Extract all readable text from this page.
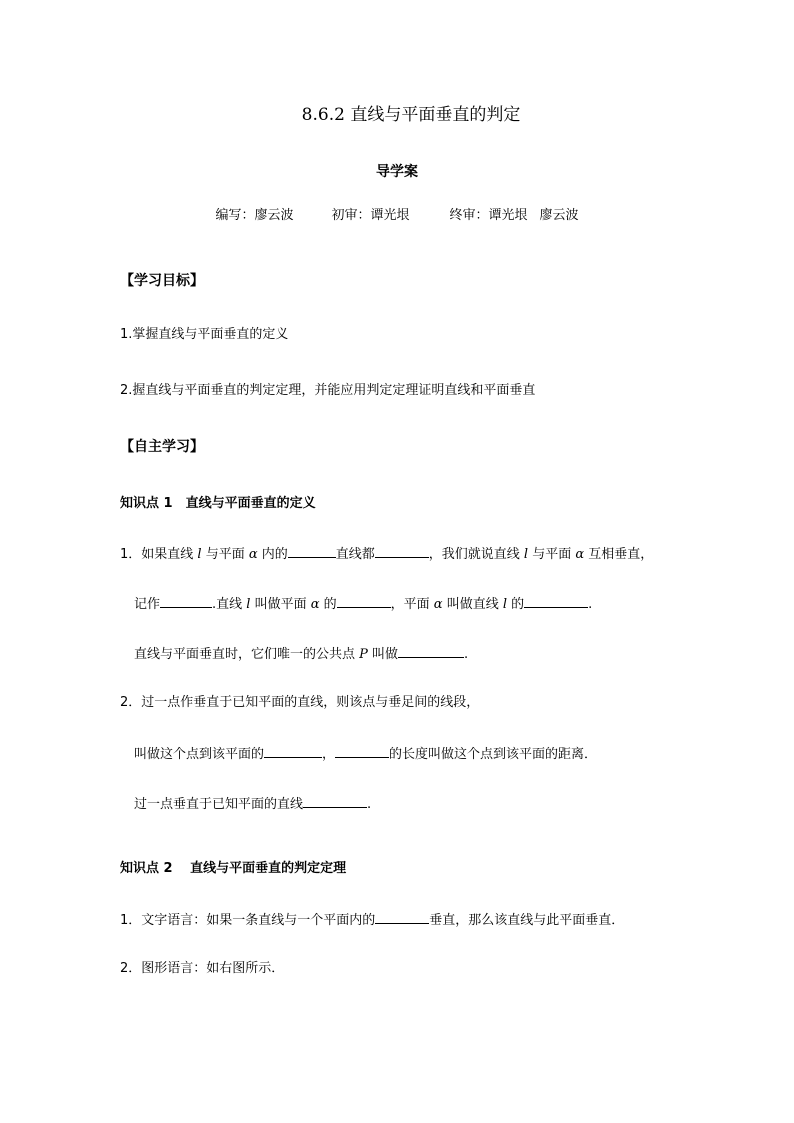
8.6.2 直线与平面垂直的判定
导学案
编写：廖云波	初审：谭光垠	终审：谭光垠 廖云波
【学习目标】
1.掌握直线与平面垂直的定义
2.握直线与平面垂直的判定定理，并能应用判定定理证明直线和平面垂直
【自主学习】
知识点 1　直线与平面垂直的定义
1．如果直线 l 与平面 α 内的	直线都	，我们就说直线 l 与平面 α 互相垂直，
记作	.直线 l 叫做平面 α 的	，平面 α 叫做直线 l 的	.
直线与平面垂直时，它们唯一的公共点 P 叫做	.
2．过一点作垂直于已知平面的直线，则该点与垂足间的线段，
叫做这个点到该平面的	，	的长度叫做这个点到该平面的距离．
过一点垂直于已知平面的直线	.
知识点 2　 直线与平面垂直的判定定理
1．文字语言：如果一条直线与一个平面内的	垂直，那么该直线与此平面垂直．
2．图形语言：如右图所示．
